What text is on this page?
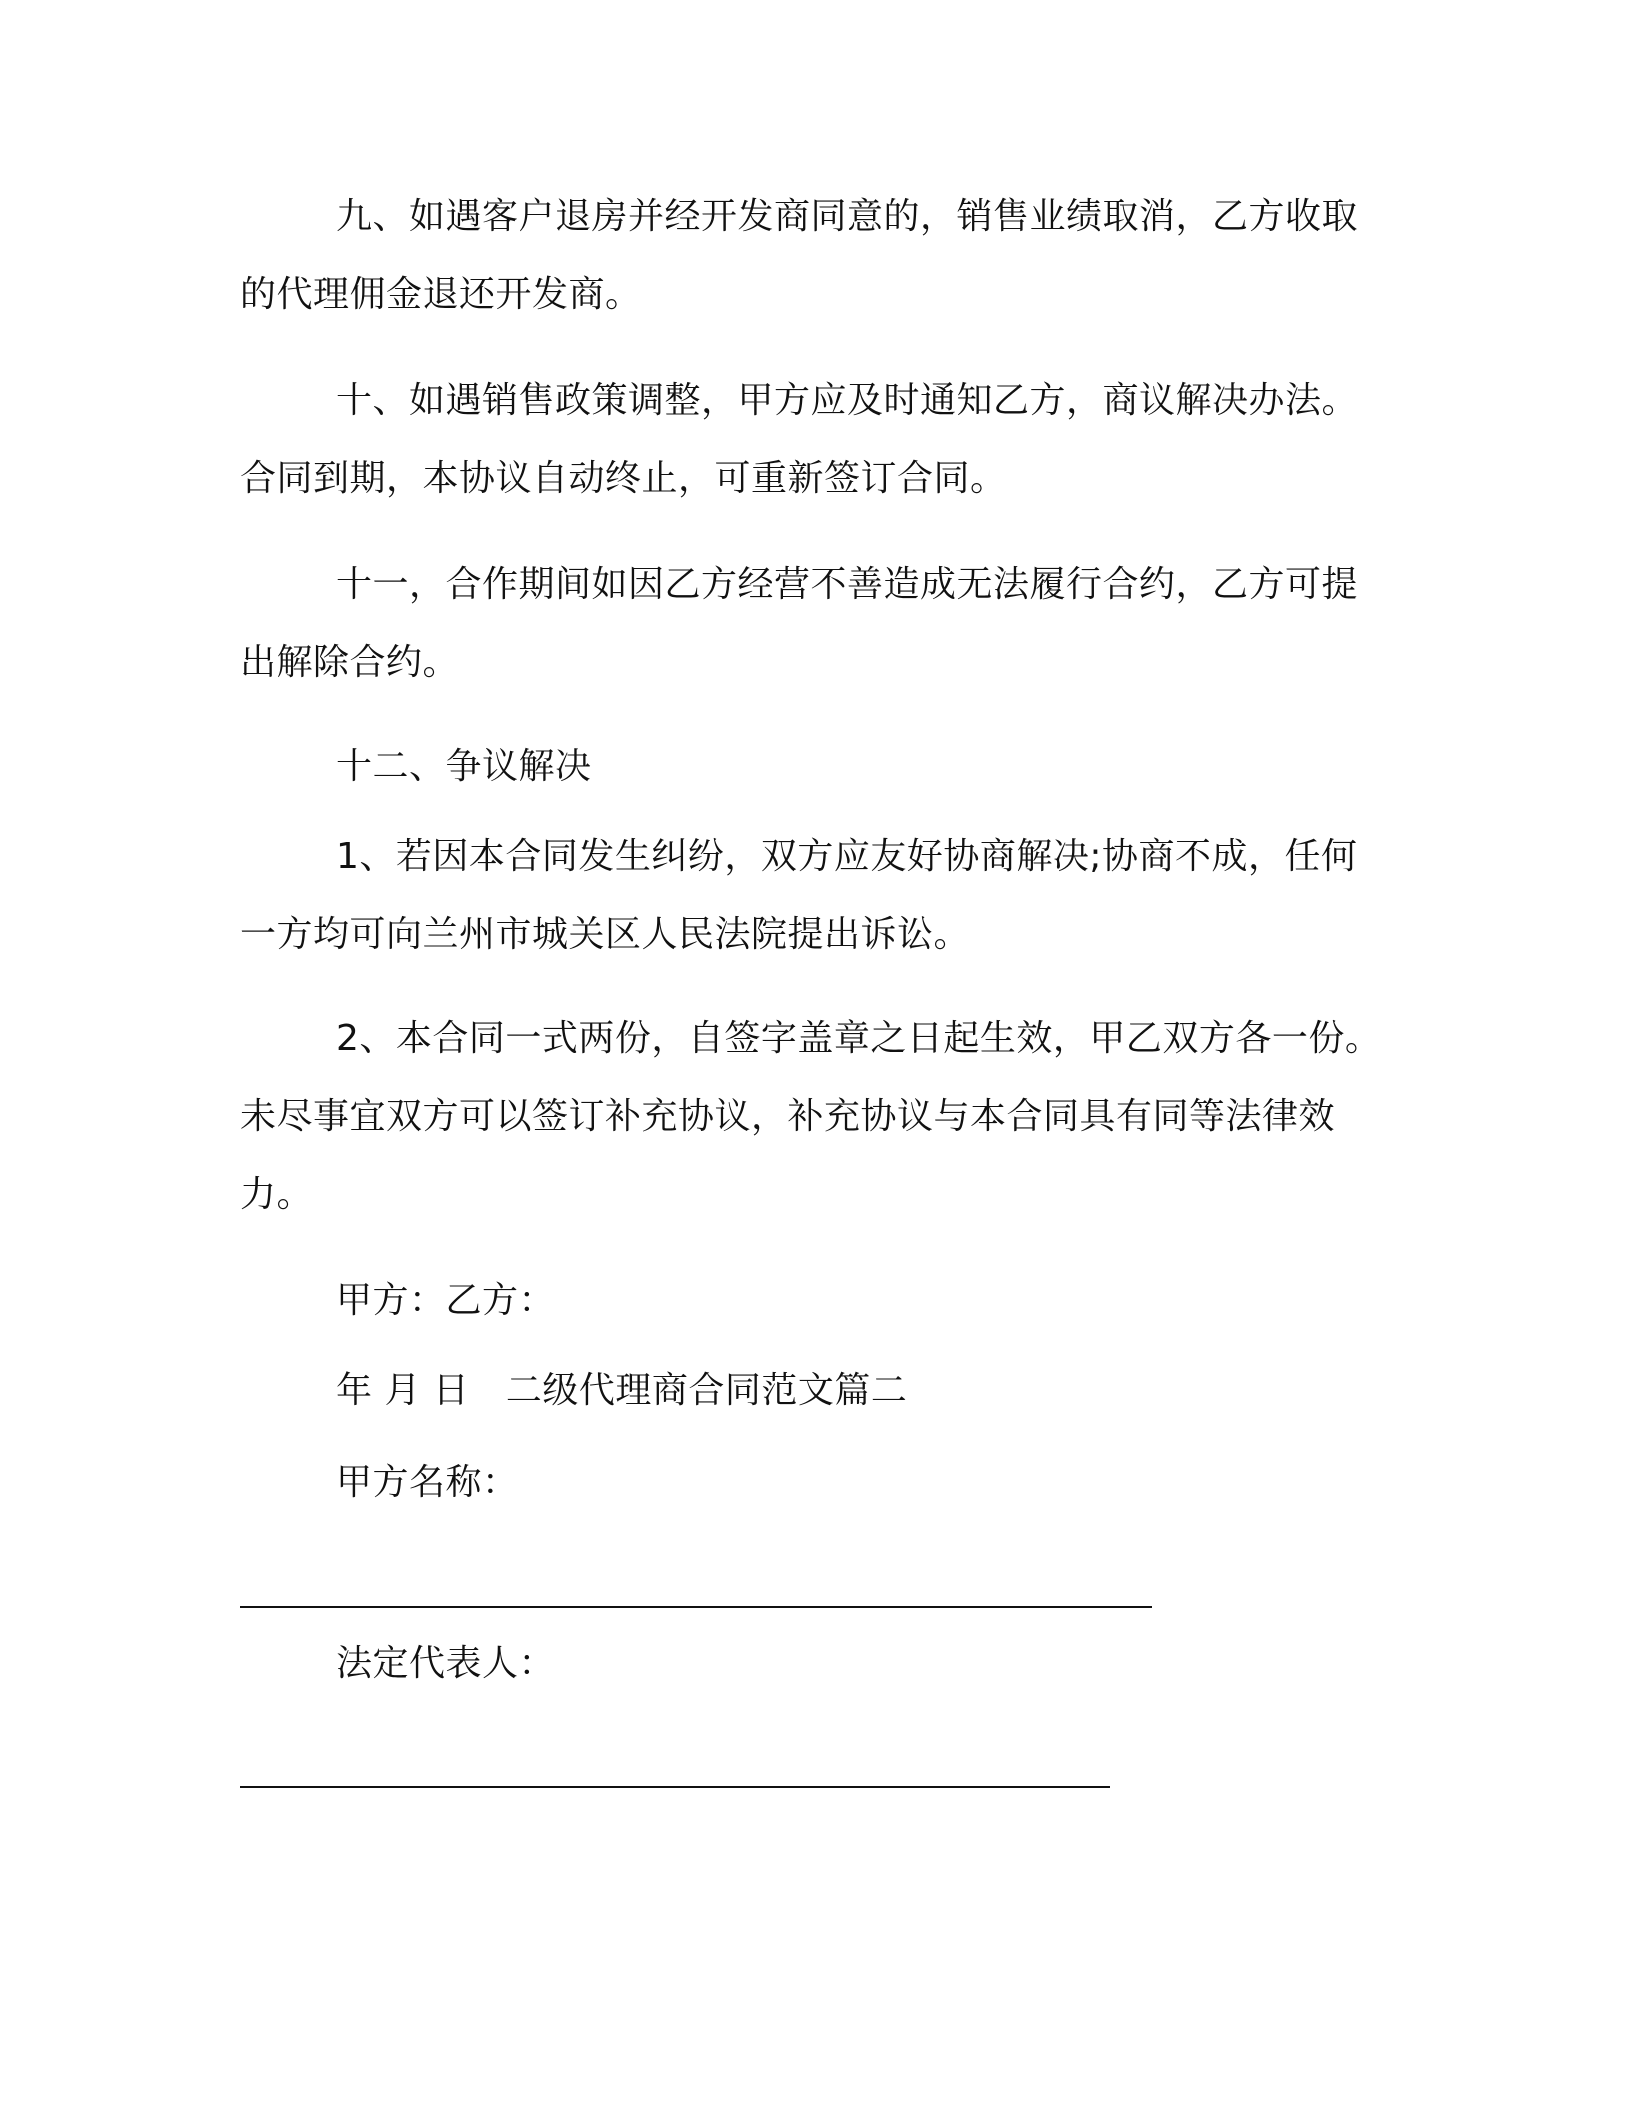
九、如遇客户退房并经开发商同意的，销售业绩取消，乙方收取的代理佣金退还开发商。

十、如遇销售政策调整，甲方应及时通知乙方，商议解决办法。合同到期，本协议自动终止，可重新签订合同。

十一，合作期间如因乙方经营不善造成无法履行合约，乙方可提出解除合约。

十二、争议解决

1、若因本合同发生纠纷，双方应友好协商解决;协商不成，任何一方均可向兰州市城关区人民法院提出诉讼。

2、本合同一式两份，自签字盖章之日起生效，甲乙双方各一份。未尽事宜双方可以签订补充协议，补充协议与本合同具有同等法律效力。

甲方：乙方：

年 月 日　二级代理商合同范文篇二

甲方名称：

法定代表人：
